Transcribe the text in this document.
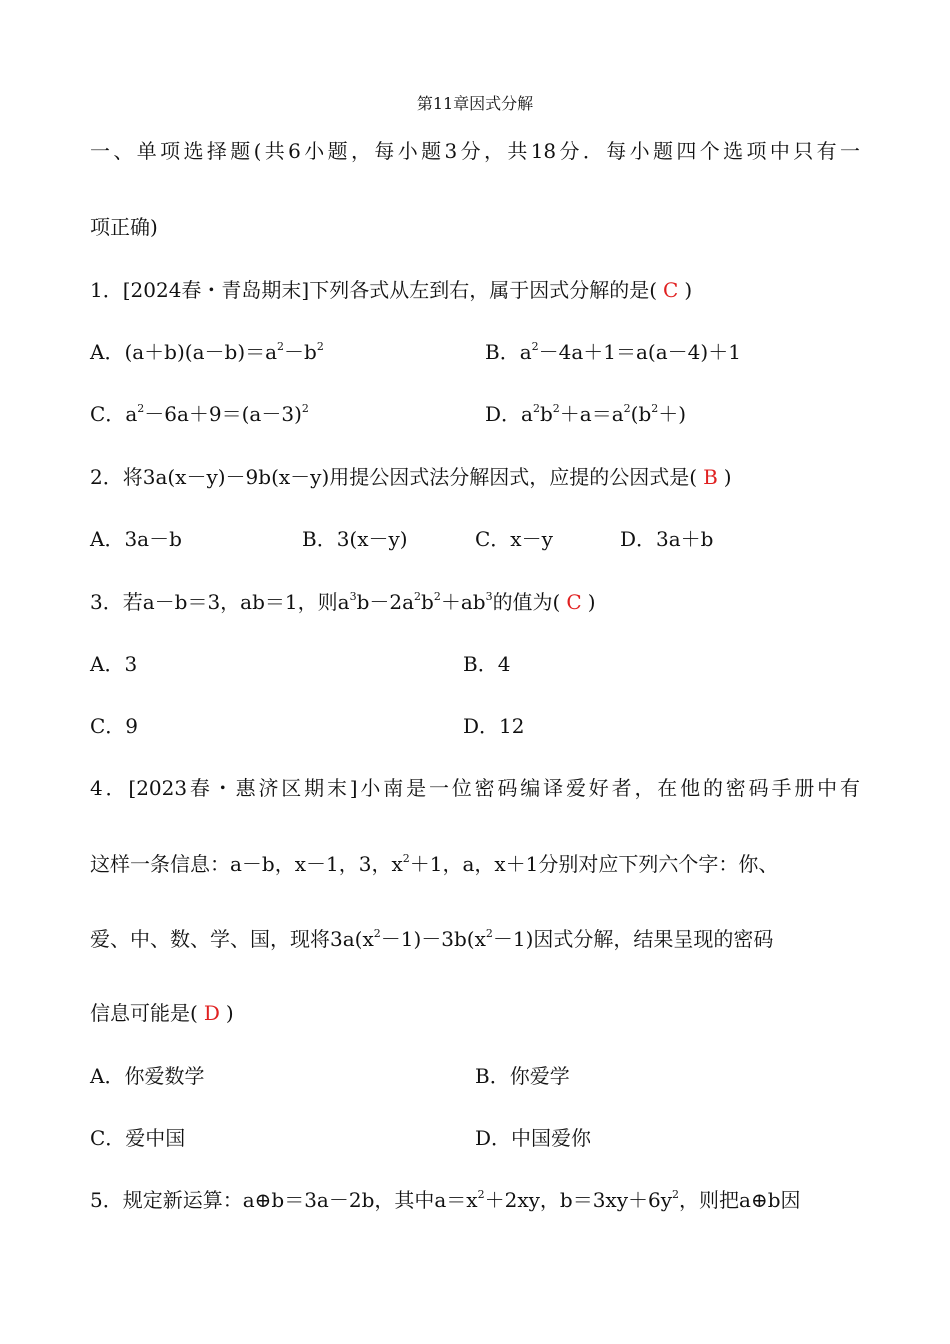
第11章因式分解
一、单项选择题(共6小题，每小题3分，共18分．每小题四个选项中只有一
项正确)
1．[2024春・青岛期末]下列各式从左到右，属于因式分解的是( C )
A．$(a+b)(a-b)=a^2-b^2$	B．$a^2-4a+1=a(a-4)+1$
C．$a^2-6a+9=(a-3)^2$	D．$a^2b^2+a=a^2(b^2+)$
2．将3a(x－y)－9b(x－y)用提公因式法分解因式，应提的公因式是( B )
A．3a－b	B．3(x－y)	C．x－y	D．3a＋b
3．若a－b＝3，ab＝1，则$a^3b-2a^2b^2+ab^3$的值为( C )
A．3	B．4
C．9	D．12
4．[2023春・惠济区期末]小南是一位密码编译爱好者，在他的密码手册中有
这样一条信息：a－b，x－1，3，$x^2+1$，a，x＋1分别对应下列六个字：你、
爱、中、数、学、国，现将$3a(x^2-1)-3b(x^2-1)$因式分解，结果呈现的密码
信息可能是( D )
A．你爱数学	B．你爱学
C．爱中国	D．中国爱你
5．规定新运算：a⊕b＝3a－2b，其中$a=x^2+2xy$，$b=3xy+6y^2$，则把a⊕b因
